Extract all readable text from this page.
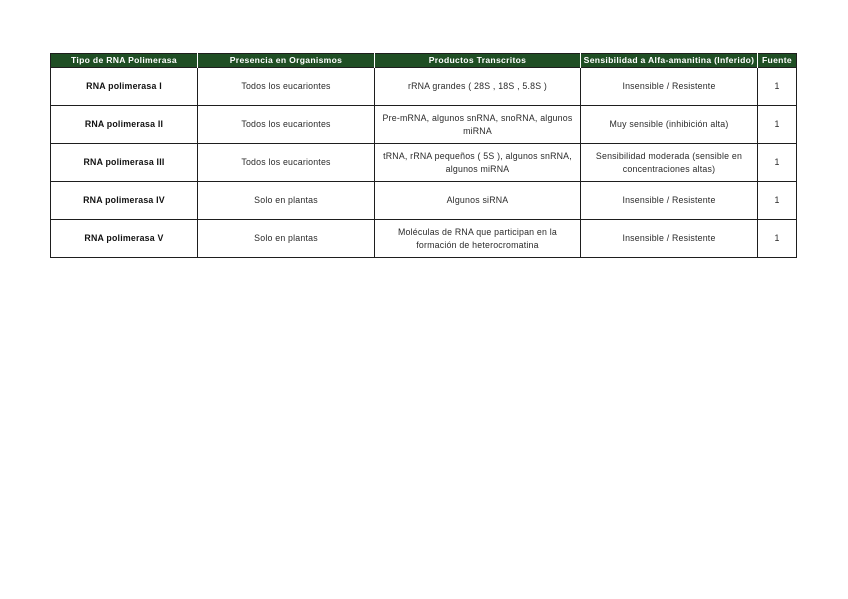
Tipo de RNA Polimerasa	Presencia en Organismos	Productos Transcritos	Sensibilidad a Alfa-amanitina (Inferido)	Fuente
RNA polimerasa I	Todos los eucariontes	rRNA grandes ( 28S , 18S , 5.8S )	Insensible / Resistente	1
RNA polimerasa II	Todos los eucariontes	Pre-mRNA, algunos snRNA, snoRNA, algunos miRNA	Muy sensible (inhibición alta)	1
RNA polimerasa III	Todos los eucariontes	tRNA, rRNA pequeños ( 5S ), algunos snRNA, algunos miRNA	Sensibilidad moderada (sensible en concentraciones altas)	1
RNA polimerasa IV	Solo en plantas	Algunos siRNA	Insensible / Resistente	1
RNA polimerasa V	Solo en plantas	Moléculas de RNA que participan en la formación de heterocromatina	Insensible / Resistente	1
